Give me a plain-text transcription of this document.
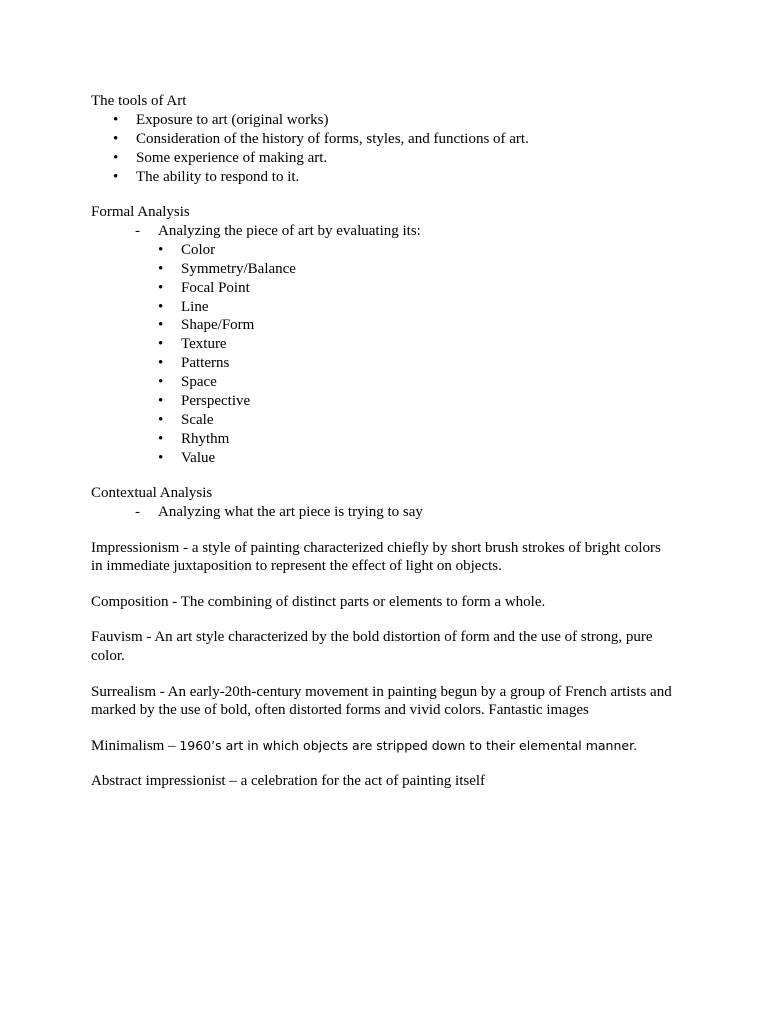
The tools of Art
• Exposure to art (original works)
• Consideration of the history of forms, styles, and functions of art.
• Some experience of making art.
• The ability to respond to it.
Formal Analysis
- Analyzing the piece of art by evaluating its:
• Color
• Symmetry/Balance
• Focal Point
• Line
• Shape/Form
• Texture
• Patterns
• Space
• Perspective
• Scale
• Rhythm
• Value
Contextual Analysis
- Analyzing what the art piece is trying to say
Impressionism - a style of painting characterized chiefly by short brush strokes of bright colors
in immediate juxtaposition to represent the effect of light on objects.
Composition - The combining of distinct parts or elements to form a whole.
Fauvism - An art style characterized by the bold distortion of form and the use of strong, pure
color.
Surrealism - An early-20th-century movement in painting begun by a group of French artists and
marked by the use of bold, often distorted forms and vivid colors. Fantastic images
Minimalism – 1960’s art in which objects are stripped down to their elemental manner.
Abstract impressionist – a celebration for the act of painting itself
